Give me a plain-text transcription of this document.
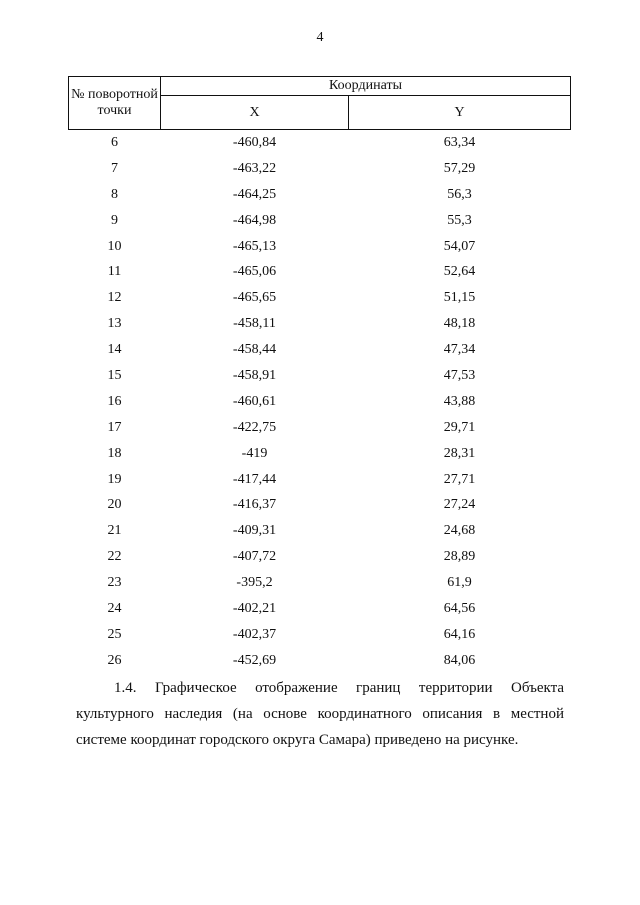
4
№ поворотной точки	Координаты	
	X	Y
6	-460,84	63,34
7	-463,22	57,29
8	-464,25	56,3
9	-464,98	55,3
10	-465,13	54,07
11	-465,06	52,64
12	-465,65	51,15
13	-458,11	48,18
14	-458,44	47,34
15	-458,91	47,53
16	-460,61	43,88
17	-422,75	29,71
18	-419	28,31
19	-417,44	27,71
20	-416,37	27,24
21	-409,31	24,68
22	-407,72	28,89
23	-395,2	61,9
24	-402,21	64,56
25	-402,37	64,16
26	-452,69	84,06

1.4. Графическое отображение границ территории Объекта культурного наследия (на основе координатного описания в местной системе координат городского округа Самара) приведено на рисунке.
